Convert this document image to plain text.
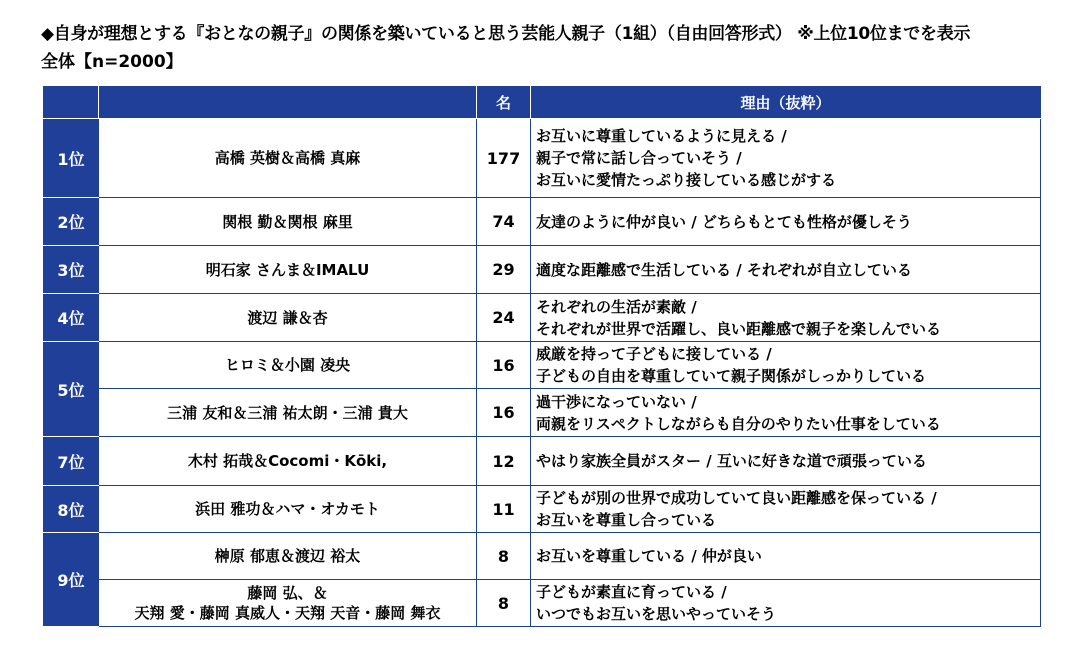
◆自身が理想とする『おとなの親子』の関係を築いていると思う芸能人親子（1組）（自由回答形式） ※上位10位までを表示
全体【n=2000】
		名	理由（抜粋）
1位	高橋 英樹＆高橋 真麻	177	お互いに尊重しているように見える /
親子で常に話し合っていそう /
お互いに愛情たっぷり接している感じがする

2位	関根 勤＆関根 麻里	74	友達のように仲が良い / どちらもとても性格が優しそう

3位	明石家 さんま＆IMALU	29	適度な距離感で生活している / それぞれが自立している

4位	渡辺 謙＆杏	24	それぞれの生活が素敵 /
それぞれが世界で活躍し、良い距離感で親子を楽しんでいる

5位	ヒロミ＆小園 凌央	16	威厳を持って子どもに接している /
子どもの自由を尊重していて親子関係がしっかりしている

	三浦 友和＆三浦 祐太朗・三浦 貴大	16	過干渉になっていない /
両親をリスペクトしながらも自分のやりたい仕事をしている

7位	木村 拓哉＆Cocomi・Kōki,	12	やはり家族全員がスター / 互いに好きな道で頑張っている

8位	浜田 雅功＆ハマ・オカモト	11	子どもが別の世界で成功していて良い距離感を保っている /
お互いを尊重し合っている

9位	榊原 郁恵＆渡辺 裕太	8	お互いを尊重している / 仲が良い

	藤岡 弘、＆
天翔 愛・藤岡 真威人・天翔 天音・藤岡 舞衣	8	子どもが素直に育っている /
いつでもお互いを思いやっていそう
